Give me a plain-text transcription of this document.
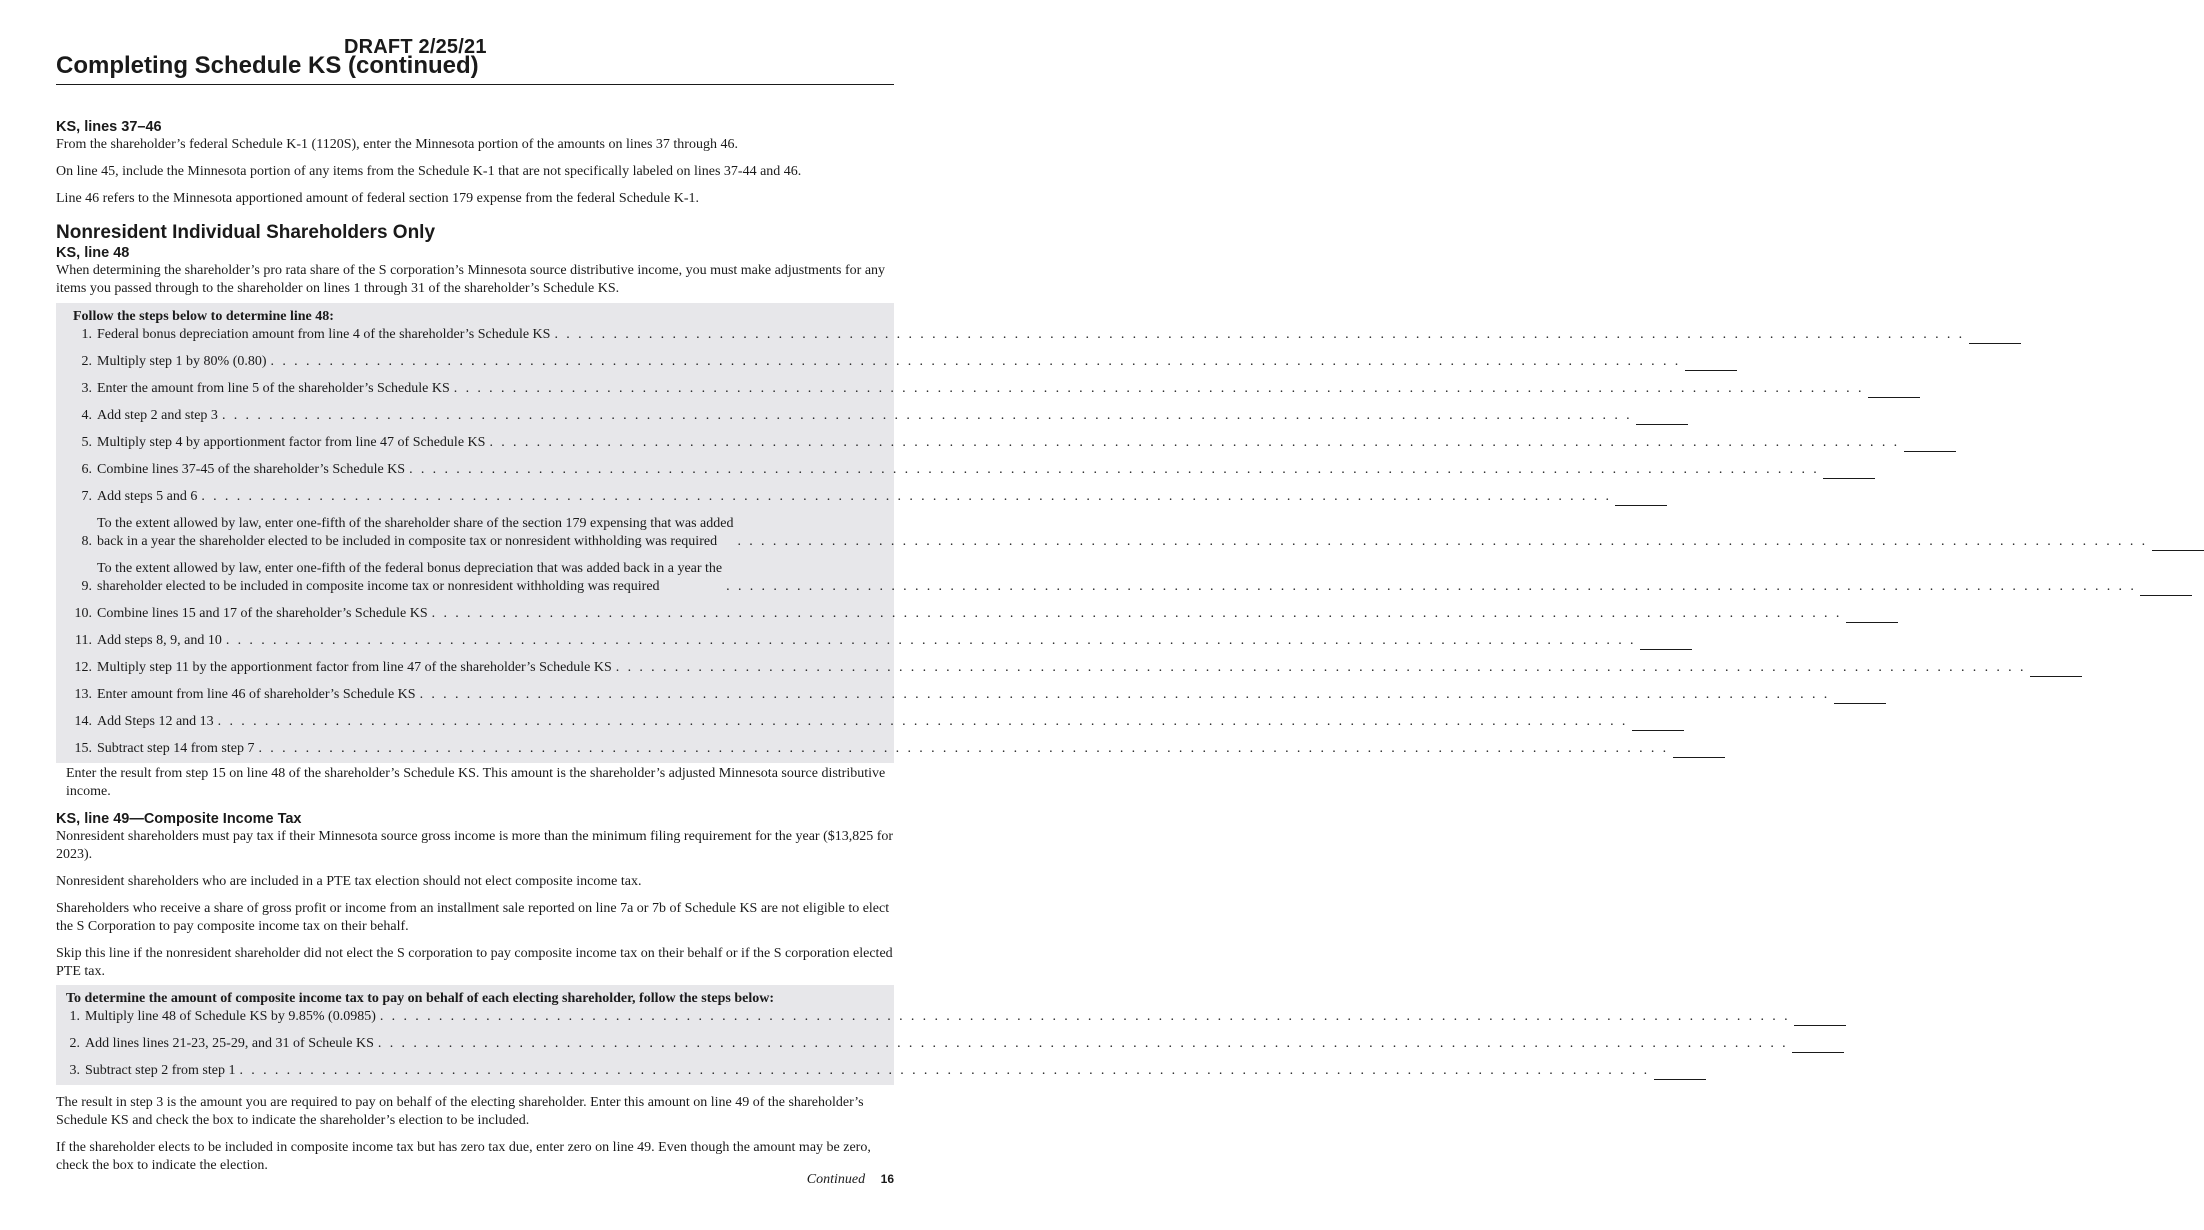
DRAFT 2/25/21
Completing Schedule KS (continued)
KS, lines 37–46
From the shareholder’s federal Schedule K-1 (1120S), enter the Minnesota portion of the amounts on lines 37 through 46.
On line 45, include the Minnesota portion of any items from the Schedule K-1 that are not specifically labeled on lines 37-44 and 46.
Line 46 refers to the Minnesota apportioned amount of federal section 179 expense from the federal Schedule K-1.
Nonresident Individual Shareholders Only
KS, line 48
When determining the shareholder’s pro rata share of the S corporation’s Minnesota source distributive income, you must make adjustments for any items you passed through to the shareholder on lines 1 through 31 of the shareholder’s Schedule KS.
Follow the steps below to determine line 48:
1. Federal bonus depreciation amount from line 4 of the shareholder’s Schedule KS . . . . . . . . . . . . . . . . . . . . . . . . . . . . . . . . . . . . . . . . . . . . . . . . . . . . . . . . . . . . . . . . . . . . . . . . . . . . . . . . . . . . . . . . . . . . . . . . . . . . . . . . . . . . . . . . . . . . . . . .
2. Multiply step 1 by 80% (0.80) . . . . . . . . . . . . . . . . . . . . . . . . . . . . . . . . . . . . . . . . . . . . . . . . . . . . . . . . . . . . . . . . . . . . . . . . . . . . . . . . . . . . . . . . . . . . . . . . . . . . . . . . . . . . . . . . . . . . . . . .
3. Enter the amount from line 5 of the shareholder’s Schedule KS . . . . . . . . . . . . . . . . . . . . . . . . . . . . . . . . . . . . . . . . . . . . . . . . . . . . . . . . . . . . . . . . . . . . . . . . . . . . . . . . . . . . . . . . . . . . . . . . . . . . . . . . . . . . . . . . . . . . . . . .
4. Add step 2 and step 3 . . . . . . . . . . . . . . . . . . . . . . . . . . . . . . . . . . . . . . . . . . . . . . . . . . . . . . . . . . . . . . . . . . . . . . . . . . . . . . . . . . . . . . . . . . . . . . . . . . . . . . . . . . . . . . . . . . . . . . . .
5. Multiply step 4 by apportionment factor from line 47 of Schedule KS . . . . . . . . . . . . . . . . . . . . . . . . . . . . . . . . . . . . . . . . . . . . . . . . . . . . . . . . . . . . . . . . . . . . . . . . . . . . . . . . . . . . . . . . . . . . . . . . . . . . . . . . . . . . . . . . . . . . . . . .
6. Combine lines 37-45 of the shareholder’s Schedule KS . . . . . . . . . . . . . . . . . . . . . . . . . . . . . . . . . . . . . . . . . . . . . . . . . . . . . . . . . . . . . . . . . . . . . . . . . . . . . . . . . . . . . . . . . . . . . . . . . . . . . . . . . . . . . . . . . . . . . . . .
7. Add steps 5 and 6 . . . . . . . . . . . . . . . . . . . . . . . . . . . . . . . . . . . . . . . . . . . . . . . . . . . . . . . . . . . . . . . . . . . . . . . . . . . . . . . . . . . . . . . . . . . . . . . . . . . . . . . . . . . . . . . . . . . . . . . .
8.
To the extent allowed by law, enter one-fifth of the shareholder share of the section 179 expensing that was added
back in a year the shareholder elected to be included in composite tax or nonresident withholding was required	. . . . . . . . . . . . . . . . . . . . . . . . . . . . . . . . . . . . . . . . . . . . . . . . . . . . . . . . . . . . . . . . . . . . . . . . . . . . . . . . . . . . . . . . . . . . . . . . . . . . . . . . . . . . . . . . . . . . . . . .
9.
To the extent allowed by law, enter one-fifth of the federal bonus depreciation that was added back in a year the
shareholder elected to be included in composite income tax or nonresident withholding was required	. . . . . . . . . . . . . . . . . . . . . . . . . . . . . . . . . . . . . . . . . . . . . . . . . . . . . . . . . . . . . . . . . . . . . . . . . . . . . . . . . . . . . . . . . . . . . . . . . . . . . . . . . . . . . . . . . . . . . . . .
10. Combine lines 15 and 17 of the shareholder’s Schedule KS . . . . . . . . . . . . . . . . . . . . . . . . . . . . . . . . . . . . . . . . . . . . . . . . . . . . . . . . . . . . . . . . . . . . . . . . . . . . . . . . . . . . . . . . . . . . . . . . . . . . . . . . . . . . . . . . . . . . . . . .
11. Add steps 8, 9, and 10 . . . . . . . . . . . . . . . . . . . . . . . . . . . . . . . . . . . . . . . . . . . . . . . . . . . . . . . . . . . . . . . . . . . . . . . . . . . . . . . . . . . . . . . . . . . . . . . . . . . . . . . . . . . . . . . . . . . . . . . .
12. Multiply step 11 by the apportionment factor from line 47 of the shareholder’s Schedule KS . . . . . . . . . . . . . . . . . . . . . . . . . . . . . . . . . . . . . . . . . . . . . . . . . . . . . . . . . . . . . . . . . . . . . . . . . . . . . . . . . . . . . . . . . . . . . . . . . . . . . . . . . . . . . . . . . . . . . . . .
13. Enter amount from line 46 of shareholder’s Schedule KS . . . . . . . . . . . . . . . . . . . . . . . . . . . . . . . . . . . . . . . . . . . . . . . . . . . . . . . . . . . . . . . . . . . . . . . . . . . . . . . . . . . . . . . . . . . . . . . . . . . . . . . . . . . . . . . . . . . . . . . .
14. Add Steps 12 and 13 . . . . . . . . . . . . . . . . . . . . . . . . . . . . . . . . . . . . . . . . . . . . . . . . . . . . . . . . . . . . . . . . . . . . . . . . . . . . . . . . . . . . . . . . . . . . . . . . . . . . . . . . . . . . . . . . . . . . . . . .
15. Subtract step 14 from step 7 . . . . . . . . . . . . . . . . . . . . . . . . . . . . . . . . . . . . . . . . . . . . . . . . . . . . . . . . . . . . . . . . . . . . . . . . . . . . . . . . . . . . . . . . . . . . . . . . . . . . . . . . . . . . . . . . . . . . . . . .
Enter the result from step 15 on line 48 of the shareholder’s Schedule KS. This amount is the shareholder’s adjusted Minnesota source distributive income.
KS, line 49—Composite Income Tax
Nonresident shareholders must pay tax if their Minnesota source gross income is more than the minimum filing requirement for the year ($13,825 for 2023).
Nonresident shareholders who are included in a PTE tax election should not elect composite income tax.
Shareholders who receive a share of gross profit or income from an installment sale reported on line 7a or 7b of Schedule KS are not eligible to elect the S Corporation to pay composite income tax on their behalf.
Skip this line if the nonresident shareholder did not elect the S corporation to pay composite income tax on their behalf or if the S corporation elected PTE tax.
To determine the amount of composite income tax to pay on behalf of each electing shareholder, follow the steps below:
1. Multiply line 48 of Schedule KS by 9.85% (0.0985) . . . . . . . . . . . . . . . . . . . . . . . . . . . . . . . . . . . . . . . . . . . . . . . . . . . . . . . . . . . . . . . . . . . . . . . . . . . . . . . . . . . . . . . . . . . . . . . . . . . . . . . . . . . . . . . . . . . . . . . .
2. Add lines lines 21-23, 25-29, and 31 of Scheule KS . . . . . . . . . . . . . . . . . . . . . . . . . . . . . . . . . . . . . . . . . . . . . . . . . . . . . . . . . . . . . . . . . . . . . . . . . . . . . . . . . . . . . . . . . . . . . . . . . . . . . . . . . . . . . . . . . . . . . . . .
3. Subtract step 2 from step 1 . . . . . . . . . . . . . . . . . . . . . . . . . . . . . . . . . . . . . . . . . . . . . . . . . . . . . . . . . . . . . . . . . . . . . . . . . . . . . . . . . . . . . . . . . . . . . . . . . . . . . . . . . . . . . . . . . . . . . . . .
The result in step 3 is the amount you are required to pay on behalf of the electing shareholder. Enter this amount on line 49 of the shareholder’s Schedule KS and check the box to indicate the shareholder’s election to be included.
If the shareholder elects to be included in composite income tax but has zero tax due, enter zero on line 49. Even though the amount may be zero, check the box to indicate the election.
Continued 16
